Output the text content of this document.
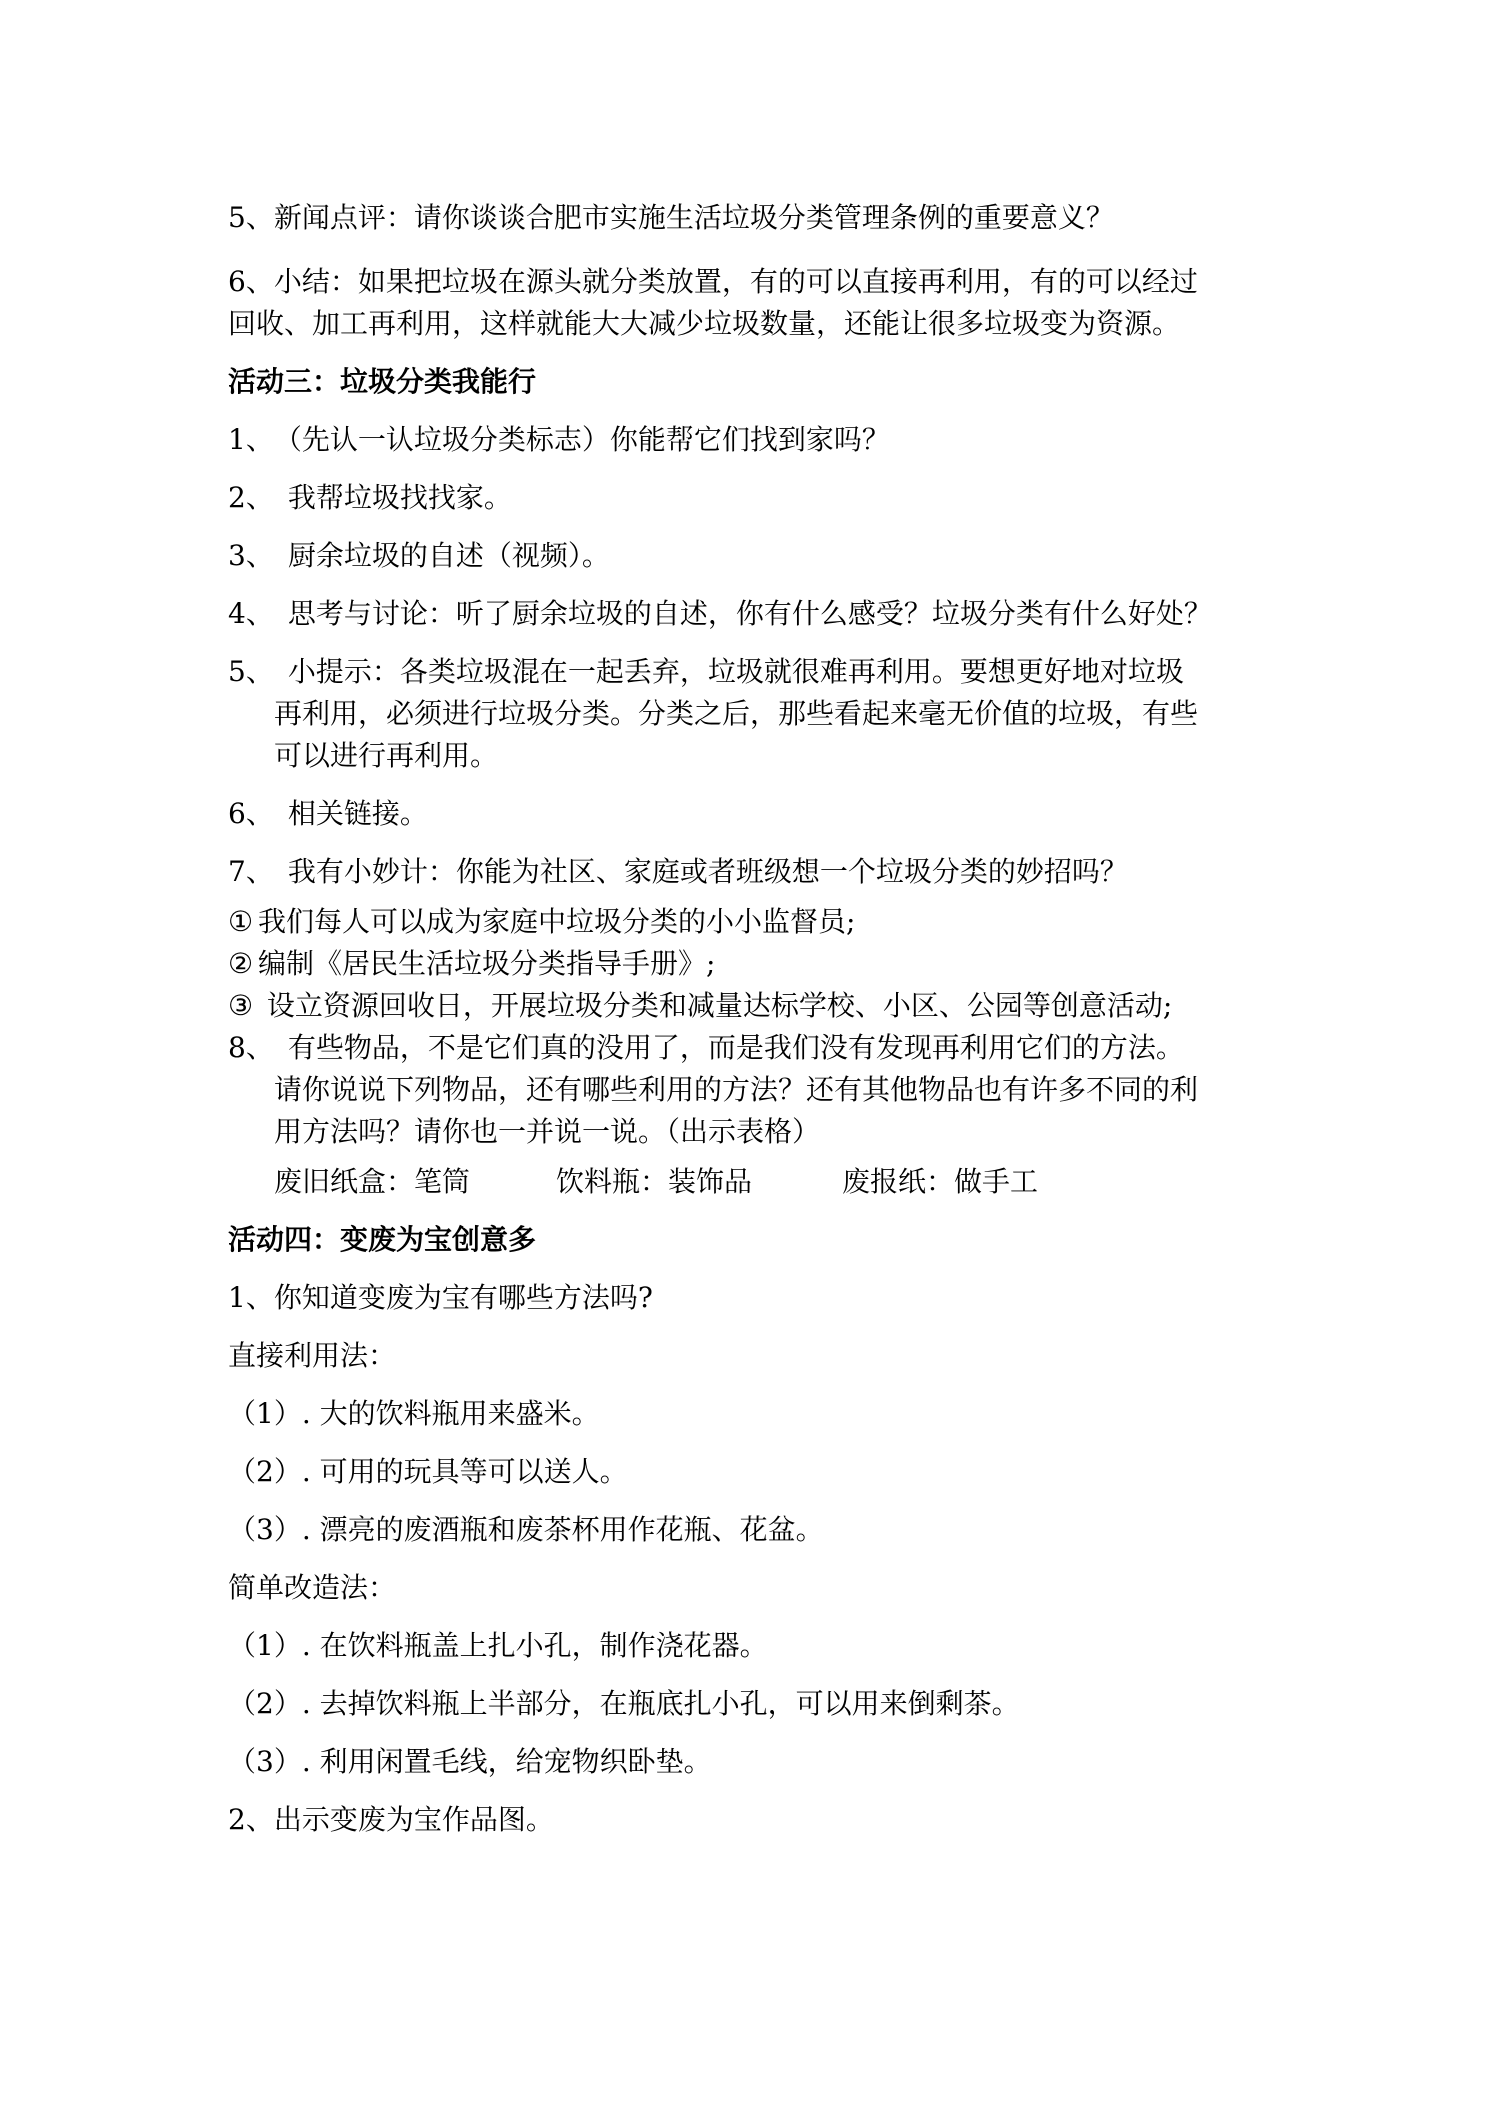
5、新闻点评：请你谈谈合肥市实施生活垃圾分类管理条例的重要意义？
6、小结：如果把垃圾在源头就分类放置，有的可以直接再利用，有的可以经过
回收、加工再利用，这样就能大大减少垃圾数量，还能让很多垃圾变为资源。
活动三：垃圾分类我能行
1、　（先认一认垃圾分类标志）你能帮它们找到家吗？
2、　我帮垃圾找找家。
3、　厨余垃圾的自述（视频）。
4、　思考与讨论：听了厨余垃圾的自述，你有什么感受？垃圾分类有什么好处？
5、　小提示：各类垃圾混在一起丢弃，垃圾就很难再利用。要想更好地对垃圾
再利用，必须进行垃圾分类。分类之后，那些看起来毫无价值的垃圾，有些
可以进行再利用。
6、　相关链接。
7、　我有小妙计：你能为社区、家庭或者班级想一个垃圾分类的妙招吗？
① 我们每人可以成为家庭中垃圾分类的小小监督员;
② 编制《居民生活垃圾分类指导手册》;
③ 设立资源回收日，开展垃圾分类和减量达标学校、小区、公园等创意活动;
8、　有些物品，不是它们真的没用了，而是我们没有发现再利用它们的方法。
请你说说下列物品，还有哪些利用的方法？还有其他物品也有许多不同的利
用方法吗？请你也一并说一说。（出示表格）
废旧纸盒：笔筒	饮料瓶：装饰品	废报纸：做手工
活动四：变废为宝创意多
1、你知道变废为宝有哪些方法吗?
直接利用法：
（1）. 大的饮料瓶用来盛米。
（2）. 可用的玩具等可以送人。
（3）. 漂亮的废酒瓶和废茶杯用作花瓶、花盆。
简单改造法：
（1）. 在饮料瓶盖上扎小孔，制作浇花器。
（2）. 去掉饮料瓶上半部分，在瓶底扎小孔，可以用来倒剩茶。
（3）. 利用闲置毛线，给宠物织卧垫。
2、出示变废为宝作品图。
